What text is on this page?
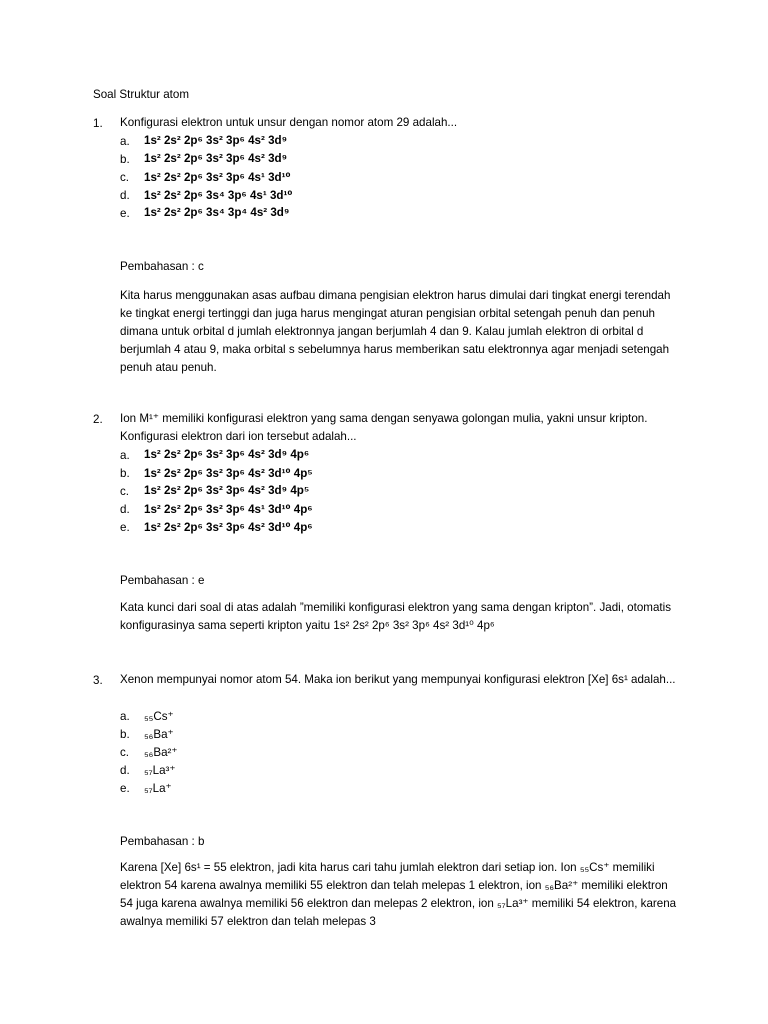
Soal Struktur atom
1. Konfigurasi elektron untuk unsur dengan nomor atom 29 adalah...
a. 1s² 2s² 2p⁶ 3s² 3p⁶ 4s² 3d⁹
b. 1s² 2s² 2p⁶ 3s² 3p⁶ 4s² 3d⁹
c. 1s² 2s² 2p⁶ 3s² 3p⁶ 4s¹ 3d¹⁰
d. 1s² 2s² 2p⁶ 3s⁴ 3p⁶ 4s¹ 3d¹⁰
e. 1s² 2s² 2p⁶ 3s⁴ 3p⁴ 4s² 3d⁹
Pembahasan : c
Kita harus menggunakan asas aufbau dimana pengisian elektron harus dimulai dari tingkat energi terendah ke tingkat energi tertinggi dan juga harus mengingat aturan pengisian orbital setengah penuh dan penuh dimana untuk orbital d jumlah elektronnya jangan berjumlah 4 dan 9. Kalau jumlah elektron di orbital d berjumlah 4 atau 9, maka orbital s sebelumnya harus memberikan satu elektronnya agar menjadi setengah penuh atau penuh.
2. Ion M¹⁺ memiliki konfigurasi elektron yang sama dengan senyawa golongan mulia, yakni unsur kripton. Konfigurasi elektron dari ion tersebut adalah...
a. 1s² 2s² 2p⁶ 3s² 3p⁶ 4s² 3d⁹ 4p⁶
b. 1s² 2s² 2p⁶ 3s² 3p⁶ 4s² 3d¹⁰ 4p⁵
c. 1s² 2s² 2p⁶ 3s² 3p⁶ 4s² 3d⁹ 4p⁵
d. 1s² 2s² 2p⁶ 3s² 3p⁶ 4s¹ 3d¹⁰ 4p⁶
e. 1s² 2s² 2p⁶ 3s² 3p⁶ 4s² 3d¹⁰ 4p⁶
Pembahasan : e
Kata kunci dari soal di atas adalah ”memiliki konfigurasi elektron yang sama dengan kripton”. Jadi, otomatis konfigurasinya sama seperti kripton yaitu 1s² 2s² 2p⁶ 3s² 3p⁶ 4s² 3d¹⁰ 4p⁶
3. Xenon mempunyai nomor atom 54. Maka ion berikut yang mempunyai konfigurasi elektron [Xe] 6s¹ adalah...
a. ₅₅Cs⁺
b. ₅₆Ba⁺
c. ₅₆Ba²⁺
d. ₅₇La³⁺
e. ₅₇La⁺
Pembahasan : b
Karena [Xe] 6s¹ = 55 elektron, jadi kita harus cari tahu jumlah elektron dari setiap ion. Ion ₅₅Cs⁺ memiliki elektron 54 karena awalnya memiliki 55 elektron dan telah melepas 1 elektron, ion ₅₆Ba²⁺ memiliki elektron 54 juga karena awalnya memiliki 56 elektron dan melepas 2 elektron, ion ₅₇La³⁺ memiliki 54 elektron, karena awalnya memiliki 57 elektron dan telah melepas 3
